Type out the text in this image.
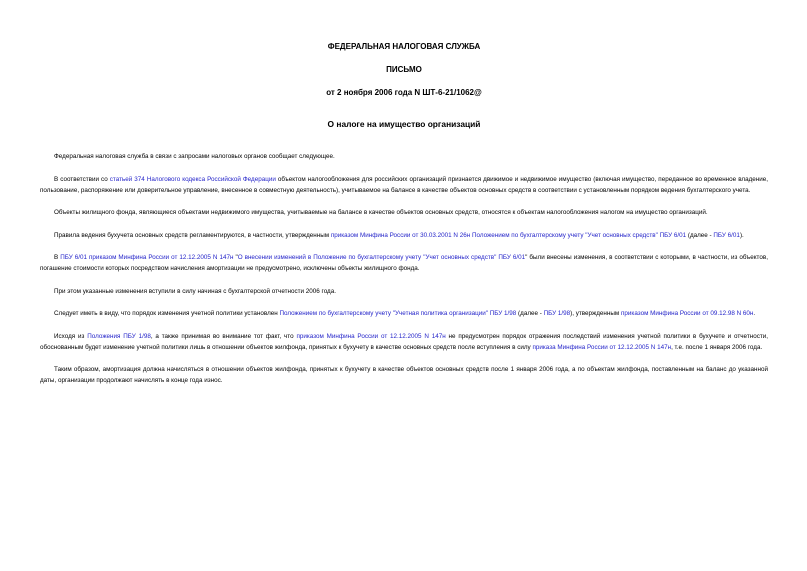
ФЕДЕРАЛЬНАЯ НАЛОГОВАЯ СЛУЖБА
ПИСЬМО
от 2 ноября 2006 года N ШТ-6-21/1062@
О налоге на имущество организаций

Федеральная налоговая служба в связи с запросами налоговых органов сообщает следующее.

В соответствии со статьей 374 Налогового кодекса Российской Федерации объектом налогообложения для российских организаций признается движимое и недвижимое имущество (включая имущество, переданное во временное владение, пользование, распоряжение или доверительное управление, внесенное в совместную деятельность), учитываемое на балансе в качестве объектов основных средств в соответствии с установленным порядком ведения бухгалтерского учета.

Объекты жилищного фонда, являющиеся объектами недвижимого имущества, учитываемые на балансе в качестве объектов основных средств, относятся к объектам налогообложения налогом на имущество организаций.

Правила ведения бухучета основных средств регламентируются, в частности, утвержденным приказом Минфина России от 30.03.2001 N 26н Положением по бухгалтерскому учету "Учет основных средств" ПБУ 6/01 (далее - ПБУ 6/01).

В ПБУ 6/01 приказом Минфина России от 12.12.2005 N 147н "О внесении изменений в Положение по бухгалтерскому учету "Учет основных средств" ПБУ 6/01" были внесены изменения, в соответствии с которыми, в частности, из объектов, погашение стоимости которых посредством начисления амортизации не предусмотрено, исключены объекты жилищного фонда.

При этом указанные изменения вступили в силу начиная с бухгалтерской отчетности 2006 года.

Следует иметь в виду, что порядок изменения учетной политики установлен Положением по бухгалтерскому учету "Учетная политика организации" ПБУ 1/98 (далее - ПБУ 1/98), утвержденным приказом Минфина России от 09.12.98 N 60н.

Исходя из Положения ПБУ 1/98, а также принимая во внимание тот факт, что приказом Минфина России от 12.12.2005 N 147н не предусмотрен порядок отражения последствий изменения учетной политики в бухучете и отчетности, обоснованным будет изменение учетной политики лишь в отношении объектов жилфонда, принятых к бухучету в качестве основных средств после вступления в силу приказа Минфина России от 12.12.2005 N 147н, т.е. после 1 января 2006 года.

Таким образом, амортизация должна начисляться в отношении объектов жилфонда, принятых к бухучету в качестве объектов основных средств после 1 января 2006 года, а по объектам жилфонда, поставленным на баланс до указанной даты, организации продолжают начислять в конце года износ.
